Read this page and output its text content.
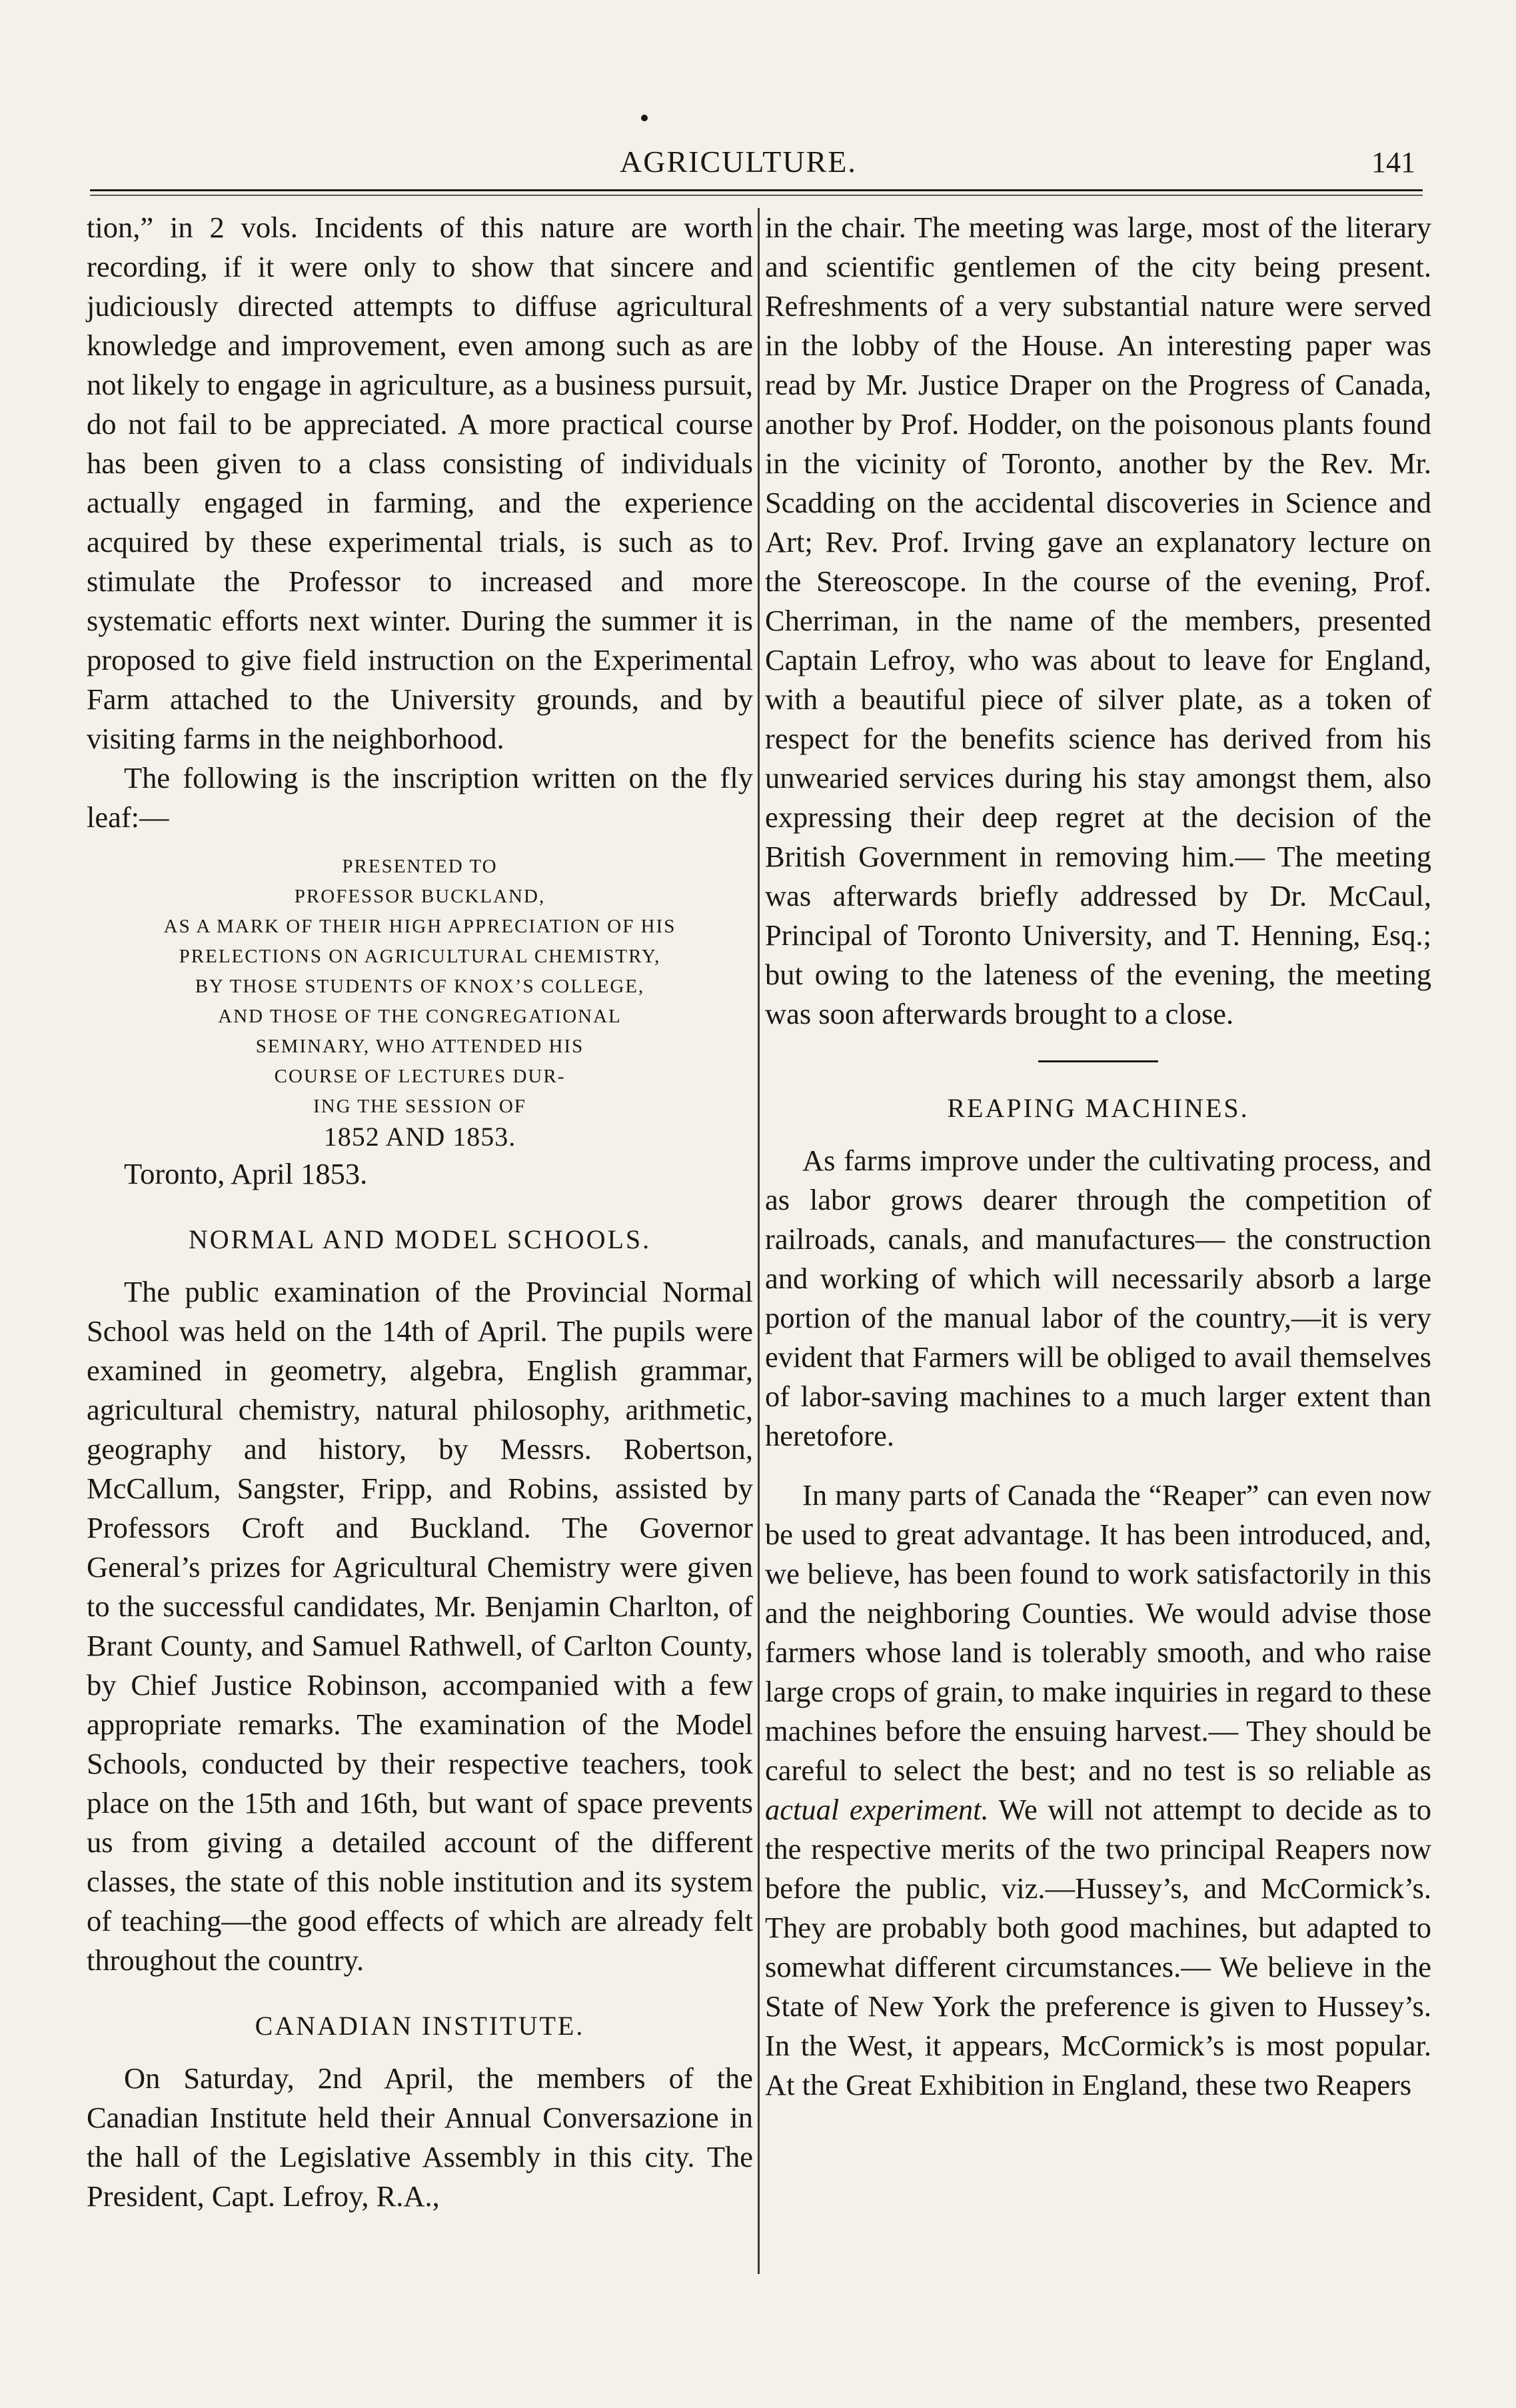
AGRICULTURE.	141

tion,” in 2 vols. Incidents of this nature are worth recording, if it were only to show that sincere and judiciously directed attempts to diffuse agricultural knowledge and improvement, even among such as are not likely to engage in agriculture, as a business pursuit, do not fail to be appreciated. A more practical course has been given to a class consisting of individuals actually engaged in farming, and the experience acquired by these experimental trials, is such as to stimulate the Professor to increased and more systematic efforts next winter. During the summer it is proposed to give field instruction on the Experimental Farm attached to the University grounds, and by visiting farms in the neighborhood.

The following is the inscription written on the fly leaf:—

PRESENTED TO
PROFESSOR BUCKLAND,
AS A MARK OF THEIR HIGH APPRECIATION OF HIS
PRELECTIONS ON AGRICULTURAL CHEMISTRY,
BY THOSE STUDENTS OF KNOX’S COLLEGE,
AND THOSE OF THE CONGREGATIONAL
SEMINARY, WHO ATTENDED HIS
COURSE OF LECTURES DUR-
ING THE SESSION OF
1852 AND 1853.
Toronto, April 1853.
NORMAL AND MODEL SCHOOLS.

The public examination of the Provincial Normal School was held on the 14th of April. The pupils were examined in geometry, algebra, English grammar, agricultural chemistry, natural philosophy, arithmetic, geography and history, by Messrs. Robertson, McCallum, Sangster, Fripp, and Robins, assisted by Professors Croft and Buckland. The Governor General’s prizes for Agricultural Chemistry were given to the successful candidates, Mr. Benjamin Charlton, of Brant County, and Samuel Rathwell, of Carlton County, by Chief Justice Robinson, accompanied with a few appropriate remarks. The examination of the Model Schools, conducted by their respective teachers, took place on the 15th and 16th, but want of space prevents us from giving a detailed account of the different classes, the state of this noble institution and its system of teaching—the good effects of which are already felt throughout the country.

CANADIAN INSTITUTE.

On Saturday, 2nd April, the members of the Canadian Institute held their Annual Conversazione in the hall of the Legislative Assembly in this city. The President, Capt. Lefroy, R.A.,

in the chair. The meeting was large, most of the literary and scientific gentlemen of the city being present. Refreshments of a very substantial nature were served in the lobby of the House. An interesting paper was read by Mr. Justice Draper on the Progress of Canada, another by Prof. Hodder, on the poisonous plants found in the vicinity of Toronto, another by the Rev. Mr. Scadding on the accidental discoveries in Science and Art; Rev. Prof. Irving gave an explanatory lecture on the Stereoscope. In the course of the evening, Prof. Cherriman, in the name of the members, presented Captain Lefroy, who was about to leave for England, with a beautiful piece of silver plate, as a token of respect for the benefits science has derived from his unwearied services during his stay amongst them, also expressing their deep regret at the decision of the British Government in removing him.— The meeting was afterwards briefly addressed by Dr. McCaul, Principal of Toronto University, and T. Henning, Esq.; but owing to the lateness of the evening, the meeting was soon afterwards brought to a close.

REAPING MACHINES.

As farms improve under the cultivating process, and as labor grows dearer through the competition of railroads, canals, and manufactures— the construction and working of which will necessarily absorb a large portion of the manual labor of the country,—it is very evident that Farmers will be obliged to avail themselves of labor-saving machines to a much larger extent than heretofore.

In many parts of Canada the “Reaper” can even now be used to great advantage. It has been introduced, and, we believe, has been found to work satisfactorily in this and the neighboring Counties. We would advise those farmers whose land is tolerably smooth, and who raise large crops of grain, to make inquiries in regard to these machines before the ensuing harvest.— They should be careful to select the best; and no test is so reliable as actual experiment. We will not attempt to decide as to the respective merits of the two principal Reapers now before the public, viz.—Hussey’s, and McCormick’s. They are probably both good machines, but adapted to somewhat different circumstances.— We believe in the State of New York the preference is given to Hussey’s. In the West, it appears, McCormick’s is most popular. At the Great Exhibition in England, these two Reapers
